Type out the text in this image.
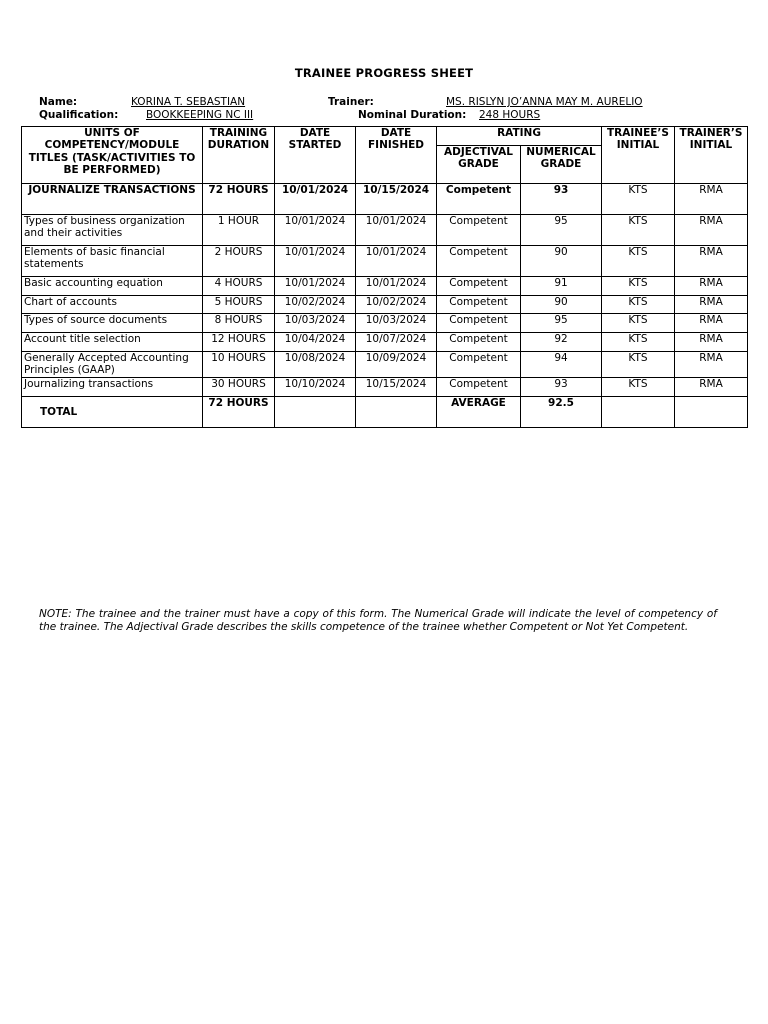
TRAINEE PROGRESS SHEET
Name:	KORINA T. SEBASTIAN	Trainer:	MS. RISLYN JO’ANNA MAY M. AURELIO
Qualification:	BOOKKEEPING NC III	Nominal Duration: 248 HOURS
UNITS OF COMPETENCY/MODULE TITLES (TASK/ACTIVITIES TO BE PERFORMED)	TRAINING DURATION	DATE STARTED	DATE FINISHED	RATING		TRAINEE’S INITIAL	TRAINER’S INITIAL
				ADJECTIVAL GRADE	NUMERICAL GRADE		
JOURNALIZE TRANSACTIONS	72 HOURS	10/01/2024	10/15/2024	Competent	93	KTS	RMA
Types of business organization and their activities	1 HOUR	10/01/2024	10/01/2024	Competent	95	KTS	RMA
Elements of basic financial statements	2 HOURS	10/01/2024	10/01/2024	Competent	90	KTS	RMA
Basic accounting equation	4 HOURS	10/01/2024	10/01/2024	Competent	91	KTS	RMA
Chart of accounts	5 HOURS	10/02/2024	10/02/2024	Competent	90	KTS	RMA
Types of source documents	8 HOURS	10/03/2024	10/03/2024	Competent	95	KTS	RMA
Account title selection	12 HOURS	10/04/2024	10/07/2024	Competent	92	KTS	RMA
Generally Accepted Accounting Principles (GAAP)	10 HOURS	10/08/2024	10/09/2024	Competent	94	KTS	RMA
Journalizing transactions	30 HOURS	10/10/2024	10/15/2024	Competent	93	KTS	RMA
TOTAL	72 HOURS			AVERAGE	92.5		
NOTE: The trainee and the trainer must have a copy of this form. The Numerical Grade will indicate the level of competency of the trainee. The Adjectival Grade describes the skills competence of the trainee whether Competent or Not Yet Competent.
